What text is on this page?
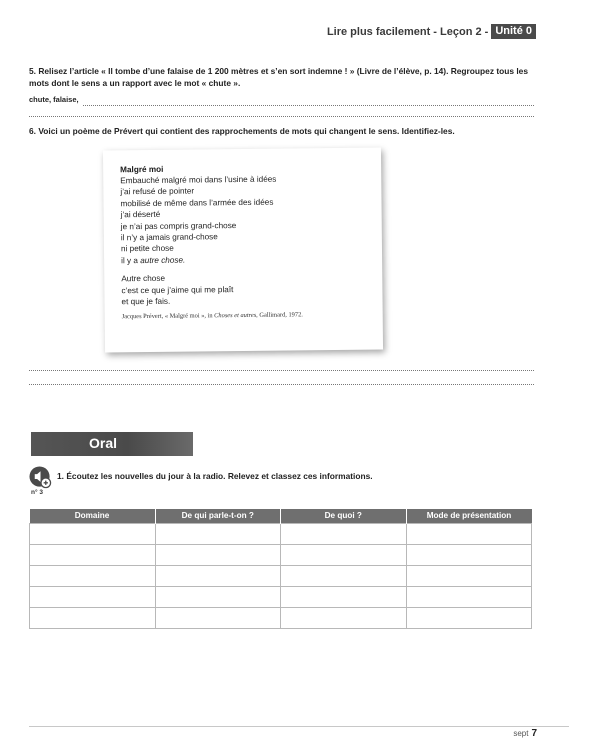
Lire plus facilement - Leçon 2 - Unité 0
5. Relisez l’article « Il tombe d’une falaise de 1 200 mètres et s’en sort indemne ! » (Livre de l’élève, p. 14). Regroupez tous les mots dont le sens a un rapport avec le mot « chute ».
chute, falaise,
6. Voici un poème de Prévert qui contient des rapprochements de mots qui changent le sens. Identifiez-les.
Malgré moi
Embauché malgré moi dans l’usine à idées
j’ai refusé de pointer
mobilisé de même dans l’armée des idées
j’ai déserté
je n’ai pas compris grand-chose
il n’y a jamais grand-chose
ni petite chose
il y a autre chose.
Autre chose
c’est ce que j’aime qui me plaît
et que je fais.
Jacques Prévert, « Malgré moi », in Choses et autres, Gallimard, 1972.
Oral
n° 3
1. Écoutez les nouvelles du jour à la radio. Relevez et classez ces informations.
Domaine	De qui parle-t-on ?	De quoi ?	Mode de présentation

sept 7
